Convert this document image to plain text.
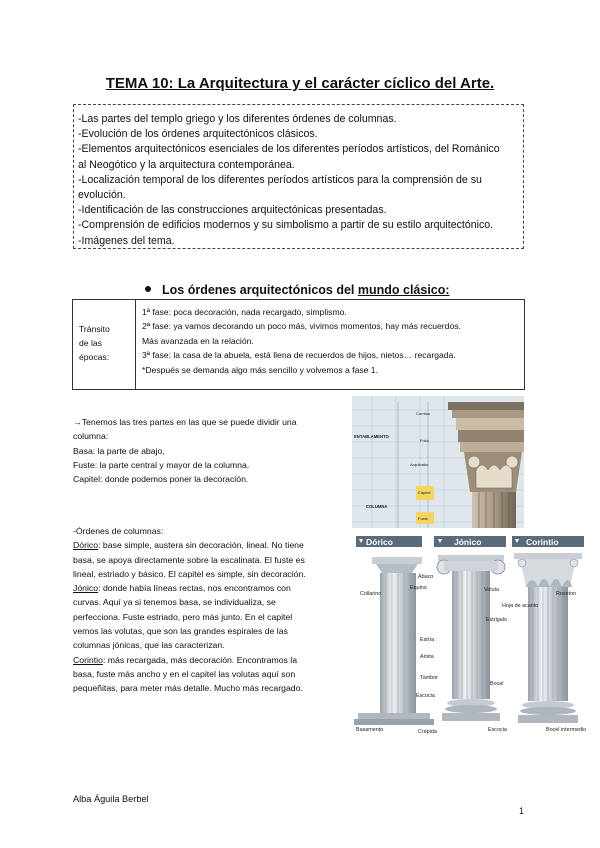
TEMA 10: La Arquitectura y el carácter cíclico del Arte.
-Las partes del templo griego y los diferentes órdenes de columnas.
-Evolución de los órdenes arquitectónicos clásicos.
-Elementos arquitectónicos esenciales de los diferentes períodos artísticos, del Románico
al Neogótico y la arquitectura contemporánea.
-Localización temporal de los diferentes períodos artísticos para la comprensión de su
evolución.
-Identificación de las construcciones arquitectónicas presentadas.
-Comprensión de edificios modernos y su simbolismo a partir de su estilo arquitectónico.
-Imágenes del tema.
Los órdenes arquitectónicos del mundo clásico:
Tránsito
de las
épocas:

1ª fase: poca decoración, nada recargado, simplismo.
2ª fase: ya vamos decorando un poco más, vivimos momentos, hay más recuerdos.
Más avanzada en la relación.
3ª fase: la casa de la abuela, está llena de recuerdos de hijos, nietos… recargada.
*Después se demanda algo más sencillo y volvemos a fase 1.
→Tenemos las tres partes en las que se puede dividir una
columna:
Basa: la parte de abajo,
Fuste: la parte central y mayor de la columna.
Capitel: donde podemos poner la decoración.
-Órdenes de columnas:
Dórico: base simple, austera sin decoración, lineal. No tiene
basa, se apoya directamente sobre la escalinata. El fuste es
lineal, estriado y básico. El capitel es simple, sin decoración.
Jónico: donde había líneas rectas, nos encontramos con
curvas. Aquí ya si tenemos basa, se individualiza, se
perfecciona. Fuste estriado, pero más junto. En el capitel
vemos las volutas, que son las grandes espirales de las
columnas jónicas, que las caracterizan.
Corintio: más recargada, más decoración. Encontramos la
basa, fuste más ancho y en el capitel las volutas aquí son
pequeñitas, para meter más detalle. Mucho más recargado.
ENTABLAMENTO
Cornisa
Friso
Arquitrabe
Capitel
COLUMNA
Fuste
Dórico	Jónico	Corintio
Ábaco
Equino
Collarino
Voluta
Roseton
Hoja de acanto
Estrigalo
Estría
Arista
Tambor
Escocia
Bocel
Basamento	Crépida	Escocia	Bocel intermedio
Alba Águila Berbel
1
